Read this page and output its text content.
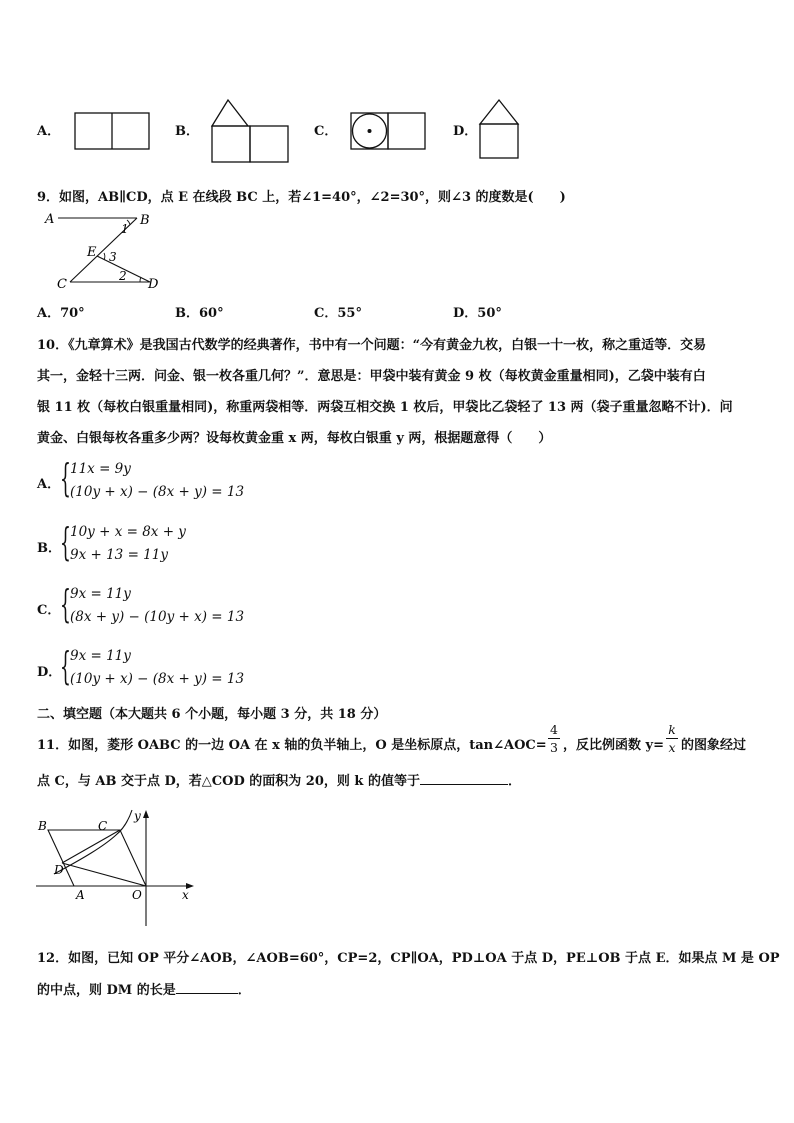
A．	B．	C．	D．
9．如图，AB∥CD，点 E 在线段 BC 上，若∠1=40°，∠2=30°，则∠3 的度数是(　　)
A	B
C	D
E
1
2
3
A．70°	B．60°	C．55°	D．50°
10．《九章算术》是我国古代数学的经典著作，书中有一个问题：“今有黄金九枚，白银一十一枚，称之重适等．交易
其一，金轻十三两．问金、银一枚各重几何？”．意思是：甲袋中装有黄金 9 枚（每枚黄金重量相同)，乙袋中装有白
银 11 枚（每枚白银重量相同)，称重两袋相等．两袋互相交换 1 枚后，甲袋比乙袋轻了 13 两（袋子重量忽略不计)．问
黄金、白银每枚各重多少两？设每枚黄金重 x 两，每枚白银重 y 两，根据题意得（　　）
A． { 11x = 9y
(10y + x) − (8x + y) = 13
B． { 10y + x = 8x + y
9x + 13 = 11y
C． { 9x = 11y
(8x + y) − (10y + x) = 13
D．
{ 9x = 11y
(10y + x) − (8x + y) = 13
二、填空题（本大题共 6 个小题，每小题 3 分，共 18 分）
11．如图，菱形 OABC 的一边 OA 在 x 轴的负半轴上，O 是坐标原点，tan∠AOC=
4
3 ，反比例函数 y=
k
x 的图象经过
点 C，与 AB 交于点 D，若△COD 的面积为 20，则 k 的值等于	．
B	C
D
A	O	x
y
12．如图，已知 OP 平分∠AOB，∠AOB=60°，CP=2，CP∥OA，PD⊥OA 于点 D，PE⊥OB 于点 E．如果点 M 是 OP
的中点，则 DM 的长是	．
